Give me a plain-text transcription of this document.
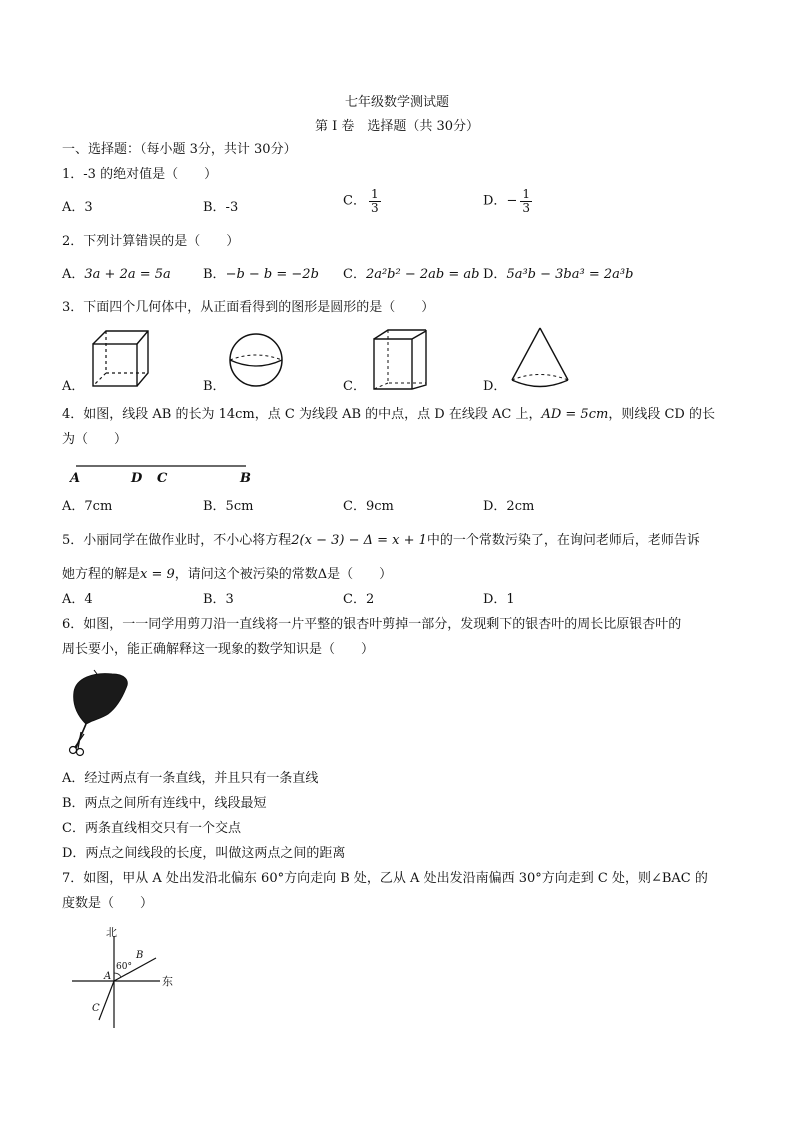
七年级数学测试题
第 I 卷　选择题（共 30分）
一、选择题：（每小题 3分，共计 30分）
1．-3 的绝对值是（　　）
A．3	B．-3	C． $\frac{1}{3}$	D．− $\frac{1}{3}$
2．下列计算错误的是（　　）
A．3a + 2a = 5a B．−b − b = −2b C．2a²b² − 2ab = ab D．5a³b − 3ba³ = 2a³b
3．下面四个几何体中，从正面看得到的图形是圆形的是（　　）
A．	B．	C．	D．
4．如图，线段 AB 的长为 14cm，点 C 为线段 AB 的中点，点 D 在线段 AC 上，AD = 5cm，则线段 CD 的长
为（　　）
A	D C	B
A．7cm	B．5cm	C．9cm	D．2cm
5．小丽同学在做作业时，不小心将方程2(x − 3) − Δ = x + 1中的一个常数污染了，在询问老师后，老师告诉
她方程的解是x = 9，请问这个被污染的常数Δ是（　　）
A．4	B．3	C．2	D．1
6．如图，一一同学用剪刀沿一直线将一片平整的银杏叶剪掉一部分，发现剩下的银杏叶的周长比原银杏叶的
周长要小，能正确解释这一现象的数学知识是（　　）
A．经过两点有一条直线，并且只有一条直线
B．两点之间所有连线中，线段最短
C．两条直线相交只有一个交点
D．两点之间线段的长度，叫做这两点之间的距离
7．如图，甲从 A 处出发沿北偏东 60°方向走向 B 处，乙从 A 处出发沿南偏西 30°方向走到 C 处，则∠BAC 的
度数是（　　）
北
东
A
B
C
60°
